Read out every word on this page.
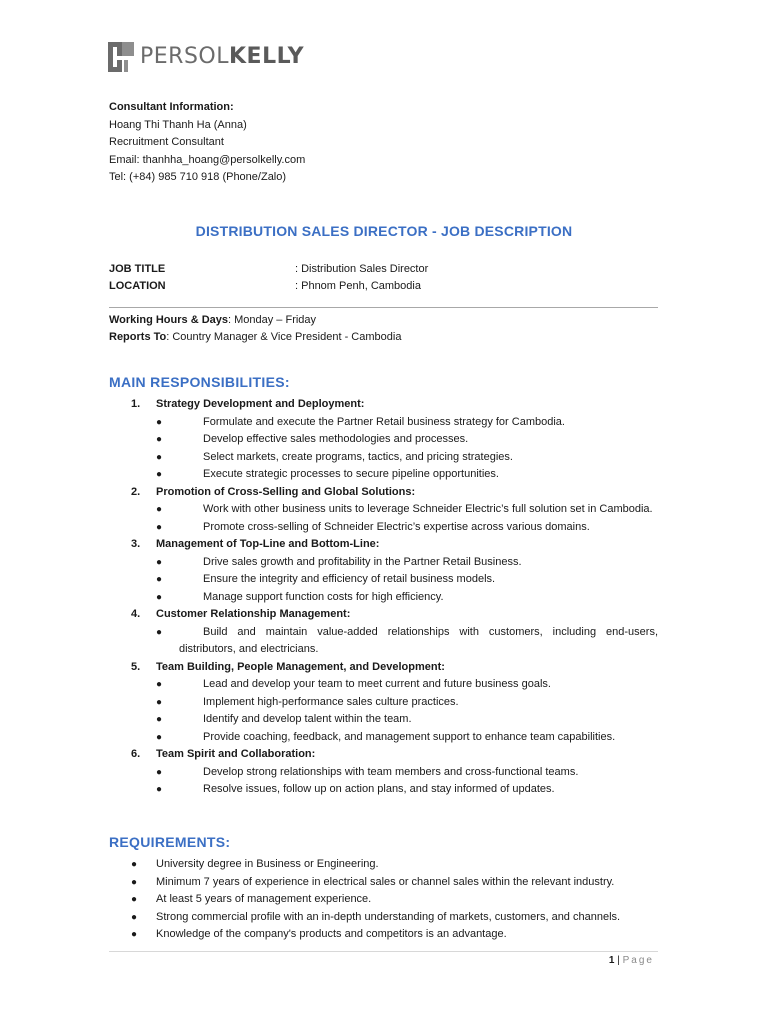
PERSOLKELLY
Consultant Information:
Hoang Thi Thanh Ha (Anna)
Recruitment Consultant
Email: thanhha_hoang@persolkelly.com
Tel: (+84) 985 710 918 (Phone/Zalo)
DISTRIBUTION SALES DIRECTOR - JOB DESCRIPTION
JOB TITLE	: Distribution Sales Director
LOCATION	: Phnom Penh, Cambodia
Working Hours & Days: Monday – Friday
Reports To: Country Manager & Vice President - Cambodia
MAIN RESPONSIBILITIES:
1. Strategy Development and Deployment:
●	Formulate and execute the Partner Retail business strategy for Cambodia.
●	Develop effective sales methodologies and processes.
●	Select markets, create programs, tactics, and pricing strategies.
●	Execute strategic processes to secure pipeline opportunities.
2. Promotion of Cross-Selling and Global Solutions:
●	Work with other business units to leverage Schneider Electric’s full solution set in Cambodia.
●	Promote cross-selling of Schneider Electric’s expertise across various domains.
3. Management of Top-Line and Bottom-Line:
●	Drive sales growth and profitability in the Partner Retail Business.
●	Ensure the integrity and efficiency of retail business models.
●	Manage support function costs for high efficiency.
4. Customer Relationship Management:
●	Build and maintain value-added relationships with customers, including end-users, distributors, and electricians.
5. Team Building, People Management, and Development:
●	Lead and develop your team to meet current and future business goals.
●	Implement high-performance sales culture practices.
●	Identify and develop talent within the team.
●	Provide coaching, feedback, and management support to enhance team capabilities.
6. Team Spirit and Collaboration:
●	Develop strong relationships with team members and cross-functional teams.
●	Resolve issues, follow up on action plans, and stay informed of updates.
REQUIREMENTS:
● University degree in Business or Engineering.
● Minimum 7 years of experience in electrical sales or channel sales within the relevant industry.
● At least 5 years of management experience.
● Strong commercial profile with an in-depth understanding of markets, customers, and channels.
● Knowledge of the company's products and competitors is an advantage.
1 | Page
